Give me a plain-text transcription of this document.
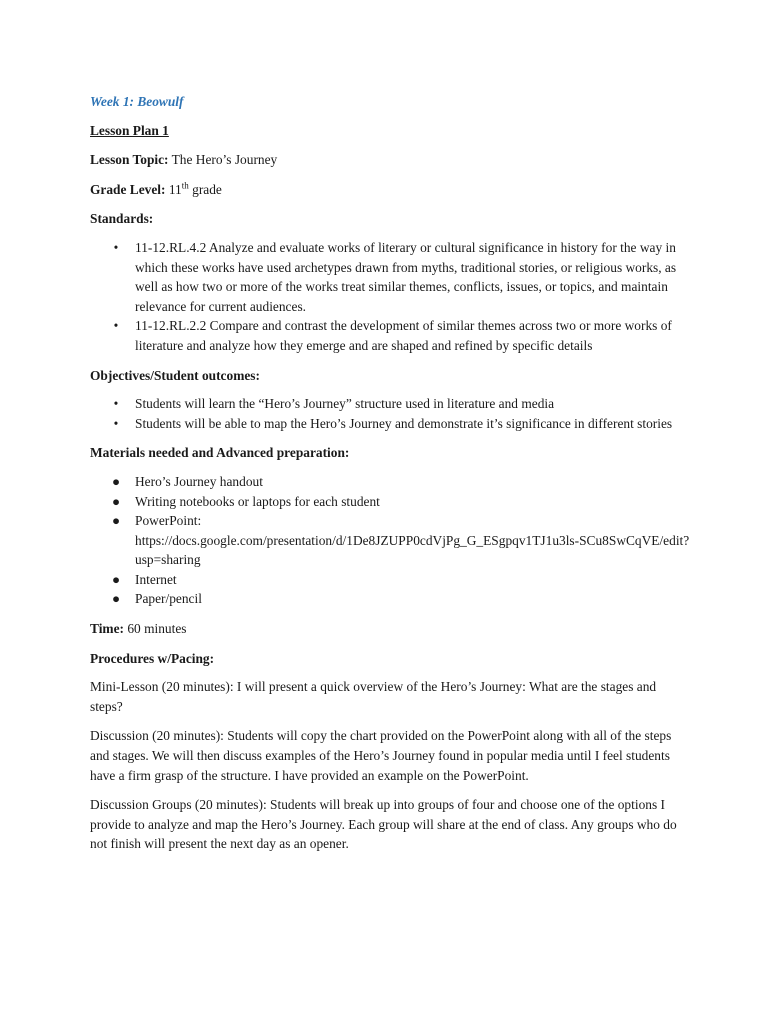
Week 1: Beowulf
Lesson Plan 1
Lesson Topic: The Hero’s Journey
Grade Level: 11th grade
Standards:
• 11-12.RL.4.2 Analyze and evaluate works of literary or cultural significance in history for the way in which these works have used archetypes drawn from myths, traditional stories, or religious works, as well as how two or more of the works treat similar themes, conflicts, issues, or topics, and maintain relevance for current audiences.
• 11-12.RL.2.2 Compare and contrast the development of similar themes across two or more works of literature and analyze how they emerge and are shaped and refined by specific details
Objectives/Student outcomes:
• Students will learn the “Hero’s Journey” structure used in literature and media
• Students will be able to map the Hero’s Journey and demonstrate it’s significance in different stories
Materials needed and Advanced preparation:
● Hero’s Journey handout
● Writing notebooks or laptops for each student
● PowerPoint:
https://docs.google.com/presentation/d/1De8JZUPP0cdVjPg_G_ESgpqv1TJ1u3ls-SCu8SwCqVE/edit?usp=sharing
● Internet
● Paper/pencil
Time: 60 minutes
Procedures w/Pacing:
Mini-Lesson (20 minutes): I will present a quick overview of the Hero’s Journey: What are the stages and steps?
Discussion (20 minutes): Students will copy the chart provided on the PowerPoint along with all of the steps and stages. We will then discuss examples of the Hero’s Journey found in popular media until I feel students have a firm grasp of the structure. I have provided an example on the PowerPoint.
Discussion Groups (20 minutes): Students will break up into groups of four and choose one of the options I provide to analyze and map the Hero’s Journey. Each group will share at the end of class. Any groups who do not finish will present the next day as an opener.
